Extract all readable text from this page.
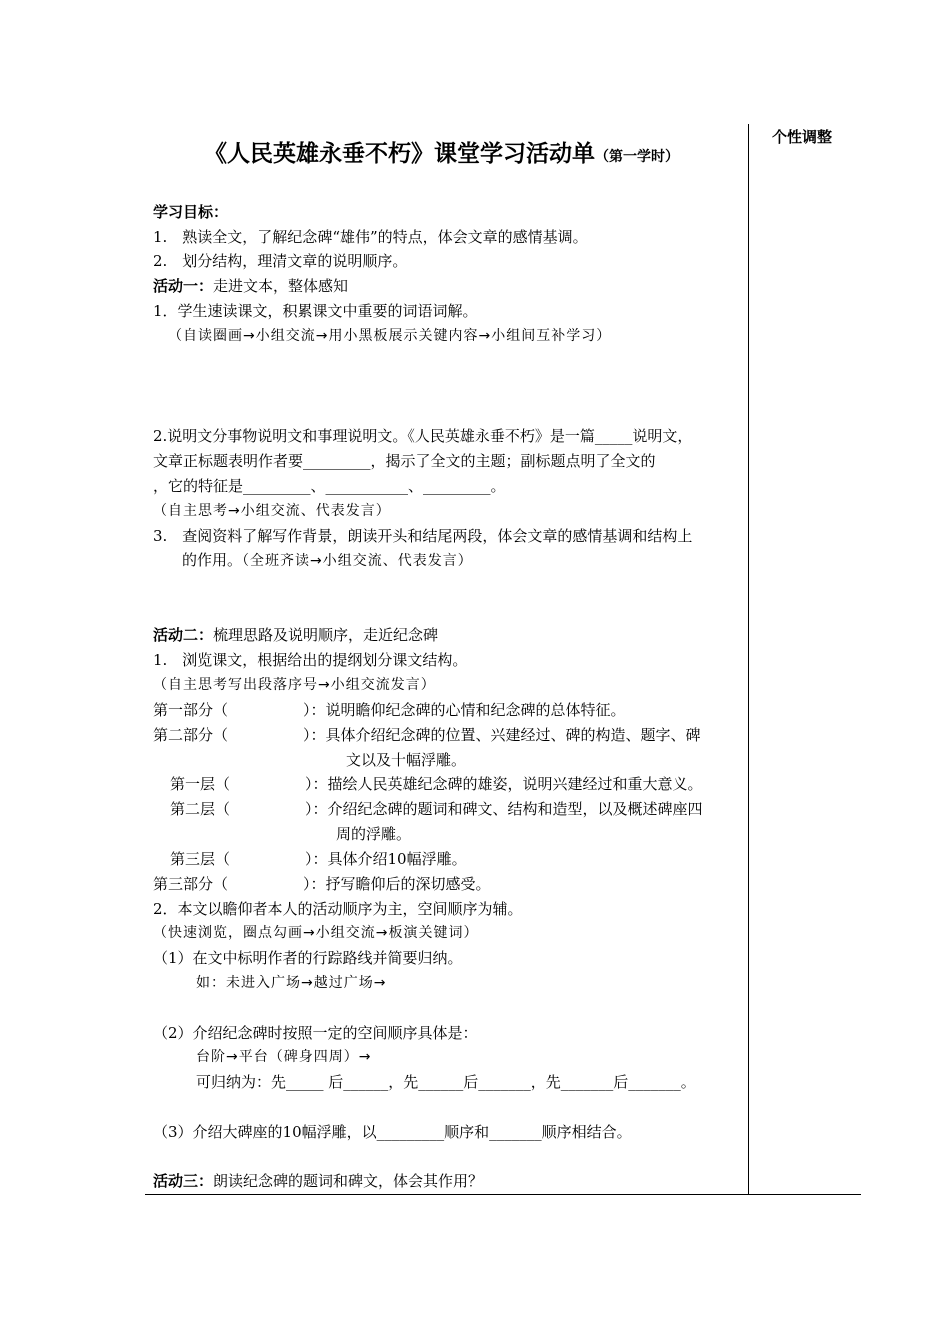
个性调整
《人民英雄永垂不朽》课堂学习活动单（第一学时）
学习目标：
1.　熟读全文，了解纪念碑“雄伟”的特点，体会文章的感情基调。
2.　划分结构，理清文章的说明顺序。
活动一：走进文本，整体感知
1．学生速读课文，积累课文中重要的词语词解。
（自读圈画→小组交流→用小黑板展示关键内容→小组间互补学习）
2.说明文分事物说明文和事理说明文。《人民英雄永垂不朽》是一篇_____说明文，
文章正标题表明作者要_________，揭示了全文的主题；副标题点明了全文的
，它的特征是_________、___________、_________。
（自主思考→小组交流、代表发言）
3.　查阅资料了解写作背景，朗读开头和结尾两段，体会文章的感情基调和结构上
的作用。（全班齐读→小组交流、代表发言）
活动二：梳理思路及说明顺序，走近纪念碑
1.　浏览课文，根据给出的提纲划分课文结构。
（自主思考写出段落序号→小组交流发言）
第一部分（　　　　　）：说明瞻仰纪念碑的心情和纪念碑的总体特征。
第二部分（　　　　　）：具体介绍纪念碑的位置、兴建经过、碑的构造、题字、碑
文以及十幅浮雕。
第一层（　　　　　）：描绘人民英雄纪念碑的雄姿，说明兴建经过和重大意义。
第二层（　　　　　）：介绍纪念碑的题词和碑文、结构和造型，以及概述碑座四
周的浮雕。
第三层（　　　　　）：具体介绍10幅浮雕。
第三部分（　　　　　）：抒写瞻仰后的深切感受。
2．本文以瞻仰者本人的活动顺序为主，空间顺序为辅。
（快速浏览，圈点勾画→小组交流→板演关键词）
（1）在文中标明作者的行踪路线并简要归纳。
如：未进入广场→越过广场→
（2）介绍纪念碑时按照一定的空间顺序具体是：
台阶→平台（碑身四周）→
可归纳为：先_____ 后______，先______后_______，先_______后_______。
（3）介绍大碑座的10幅浮雕，以_________顺序和_______顺序相结合。
活动三：朗读纪念碑的题词和碑文，体会其作用？
